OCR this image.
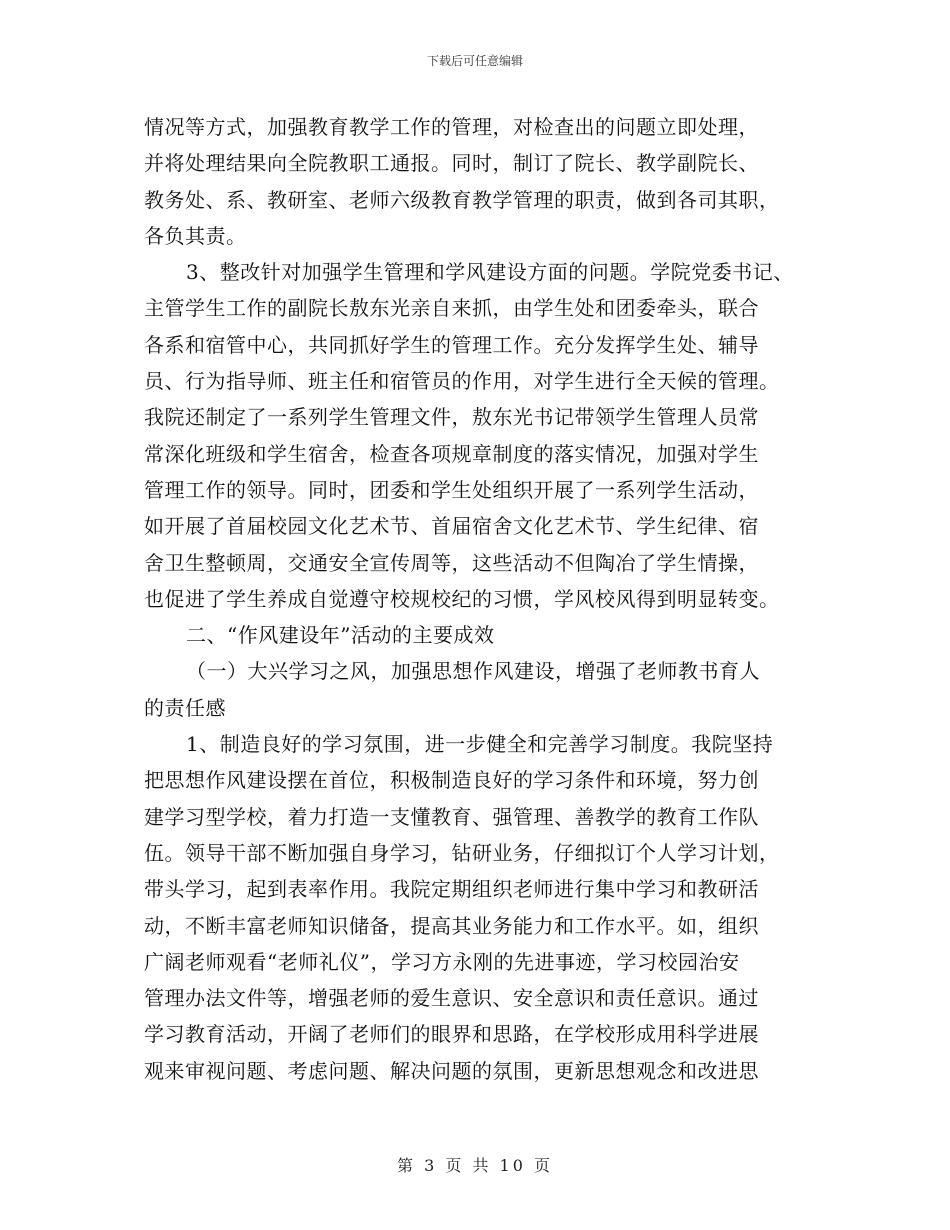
下载后可任意编辑
情况等方式，加强教育教学工作的管理，对检查出的问题立即处理，
并将处理结果向全院教职工通报。同时，制订了院长、教学副院长、
教务处、系、教研室、老师六级教育教学管理的职责，做到各司其职，
各负其责。
3、整改针对加强学生管理和学风建设方面的问题。学院党委书记、
主管学生工作的副院长敖东光亲自来抓，由学生处和团委牵头，联合
各系和宿管中心，共同抓好学生的管理工作。充分发挥学生处、辅导
员、行为指导师、班主任和宿管员的作用，对学生进行全天候的管理。
我院还制定了一系列学生管理文件，敖东光书记带领学生管理人员常
常深化班级和学生宿舍，检查各项规章制度的落实情况，加强对学生
管理工作的领导。同时，团委和学生处组织开展了一系列学生活动，
如开展了首届校园文化艺术节、首届宿舍文化艺术节、学生纪律、宿
舍卫生整顿周，交通安全宣传周等，这些活动不但陶冶了学生情操，
也促进了学生养成自觉遵守校规校纪的习惯，学风校风得到明显转变。
二、“作风建设年”活动的主要成效
（一）大兴学习之风，加强思想作风建设，增强了老师教书育人
的责任感
1、制造良好的学习氛围，进一步健全和完善学习制度。我院坚持
把思想作风建设摆在首位，积极制造良好的学习条件和环境，努力创
建学习型学校，着力打造一支懂教育、强管理、善教学的教育工作队
伍。领导干部不断加强自身学习，钻研业务，仔细拟订个人学习计划，
带头学习，起到表率作用。我院定期组织老师进行集中学习和教研活
动，不断丰富老师知识储备，提高其业务能力和工作水平。如，组织
广阔老师观看“老师礼仪”，学习方永刚的先进事迹，学习校园治安
管理办法文件等，增强老师的爱生意识、安全意识和责任意识。通过
学习教育活动，开阔了老师们的眼界和思路，在学校形成用科学进展
观来审视问题、考虑问题、解决问题的氛围，更新思想观念和改进思
第 3 页 共 10 页
